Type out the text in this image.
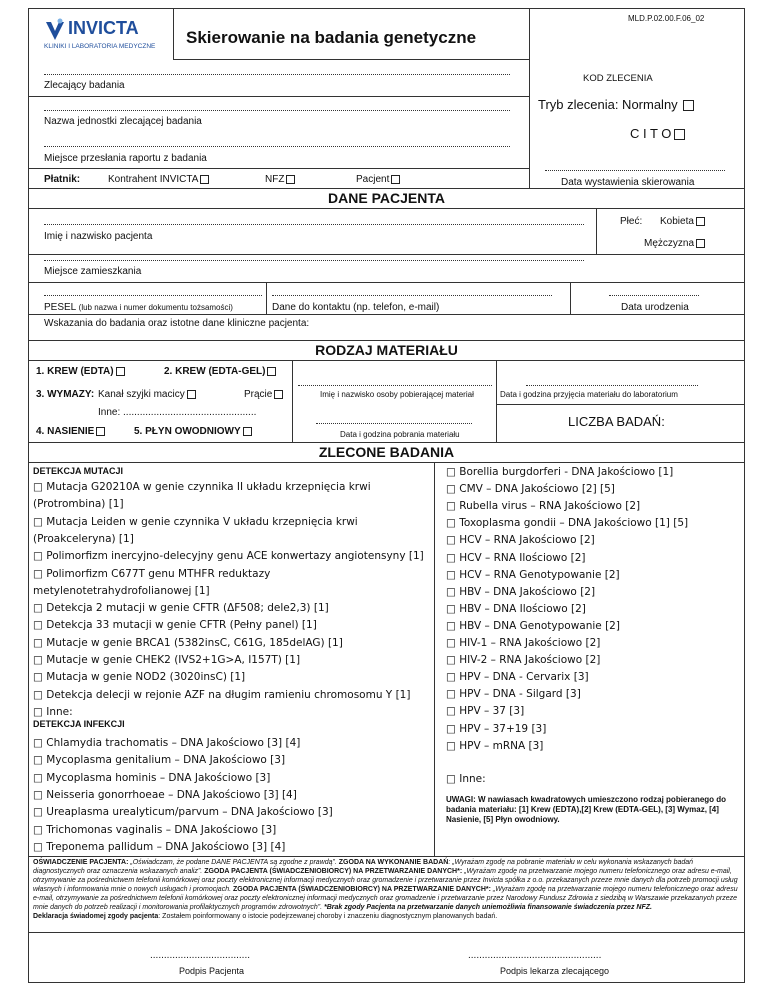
INVICTA
KLINIKI I LABORATORIA MEDYCZNE Skierowanie na badania genetyczne
MLD.P.02.00.F.06_02
KOD ZLECENIA
Tryb zlecenia: Normalny
C I T O
Zlecający badania
Nazwa jednostki zlecającej badania
Miejsce przesłania raportu z badania
Płatnik:	Kontrahent INVICTA	NFZ	Pacjent	Data wystawienia skierowania
DANE PACJENTA
Imię i nazwisko pacjenta
Płeć: Kobieta
Mężczyzna
Miejsce zamieszkania
PESEL (lub nazwa i numer dokumentu tożsamości)	Dane do kontaktu (np. telefon, e-mail)	Data urodzenia
Wskazania do badania oraz istotne dane kliniczne pacjenta:
RODZAJ MATERIAŁU
1. KREW (EDTA)	2. KREW (EDTA-GEL)
3. WYMAZY: Kanał szyjki macicy	Prącie
Inne: ................................................
4. NASIENIE	5. PŁYN OWODNIOWY
Imię i nazwisko osoby pobierającej materiał
Data i godzina pobrania materiału
Data i godzina przyjęcia materiału do laboratorium
LICZBA BADAŃ:
ZLECONE BADANIA
DETEKCJA MUTACJI
□ Mutacja G20210A w genie czynnika II układu krzepnięcia krwi
(Protrombina) [1]
□ Mutacja Leiden w genie czynnika V układu krzepnięcia krwi
(Proakceleryna) [1]
□ Polimorfizm inercyjno-delecyjny genu ACE konwertazy angiotensyny [1]
□ Polimorfizm C677T genu MTHFR reduktazy
metylenotetrahydrofolianowej [1]
□ Detekcja 2 mutacji w genie CFTR (ΔF508; dele2,3) [1]
□ Detekcja 33 mutacji w genie CFTR (Pełny panel) [1]
□ Mutacje w genie BRCA1 (5382insC, C61G, 185delAG) [1]
□ Mutacje w genie CHEK2 (IVS2+1G>A, I157T) [1]
□ Mutacja w genie NOD2 (3020insC) [1]
□ Detekcja delecji w rejonie AZF na długim ramieniu chromosomu Y [1]
□ Inne:
DETEKCJA INFEKCJI
□ Chlamydia trachomatis – DNA Jakościowo [3] [4]
□ Mycoplasma genitalium – DNA Jakościowo [3]
□ Mycoplasma hominis – DNA Jakościowo [3]
□ Neisseria gonorrhoeae – DNA Jakościowo [3] [4]
□ Ureaplasma urealyticum/parvum – DNA Jakościowo [3]
□ Trichomonas vaginalis – DNA Jakościowo [3]
□ Treponema pallidum – DNA Jakościowo [3] [4]
□ Borellia burgdorferi - DNA Jakościowo [1]
□ CMV – DNA Jakościowo [2] [5]
□ Rubella virus – RNA Jakościowo [2]
□ Toxoplasma gondii – DNA Jakościowo [1] [5]
□ HCV – RNA Jakościowo [2]
□ HCV – RNA Ilościowo [2]
□ HCV – RNA Genotypowanie [2]
□ HBV – DNA Jakościowo [2]
□ HBV – DNA Ilościowo [2]
□ HBV – DNA Genotypowanie [2]
□ HIV-1 – RNA Jakościowo [2]
□ HIV-2 – RNA Jakościowo [2]
□ HPV – DNA - Cervarix [3]
□ HPV – DNA - Silgard [3]
□ HPV – 37 [3]
□ HPV – 37+19 [3]
□ HPV – mRNA [3]
□ Inne:
UWAGI: W nawiasach kwadratowych umieszczono rodzaj pobieranego do badania materiału: [1] Krew (EDTA),[2] Krew (EDTA-GEL), [3] Wymaz, [4] Nasienie, [5] Płyn owodniowy.
OŚWIADCZENIE PACJENTA: „Oświadczam, że podane DANE PACJENTA są zgodne z prawdą”. ZGODA NA WYKONANIE BADAŃ: „Wyrażam zgodę na pobranie materiału w celu wykonania wskazanych badań diagnostycznych oraz oznaczenia wskazanych analiz”. ZGODA PACJENTA (ŚWIADCZENIOBIORCY) NA PRZETWARZANIE DANYCH*: „Wyrażam zgodę na przetwarzanie mojego numeru telefonicznego oraz adresu e-mail, otrzymywanie za pośrednictwem telefonii komórkowej oraz poczty elektronicznej informacji medycznych oraz gromadzenie i przetwarzanie przez Invicta spółka z o.o. przekazanych przeze mnie danych dla potrzeb promocji usług własnych i informowania mnie o nowych usługach i promocjach. ZGODA PACJENTA (ŚWIADCZENIOBIORCY) NA PRZETWARZANIE DANYCH*: „Wyrażam zgodę na przetwarzanie mojego numeru telefonicznego oraz adresu e-mail, otrzymywanie za pośrednictwem telefonii komórkowej oraz poczty elektronicznej informacji medycznych oraz gromadzenie i przetwarzanie przez Narodowy Fundusz Zdrowia z siedzibą w Warszawie przekazanych przeze mnie danych do potrzeb realizacji i monitorowania profilaktycznych programów zdrowotnych”. *Brak zgody Pacjenta na przetwarzanie danych uniemożliwia finansowanie świadczenia przez NFZ.
Deklaracja świadomej zgody pacjenta: Zostałem poinformowany o istocie podejrzewanej choroby i znaczeniu diagnostycznym planowanych badań.
....................................
Podpis Pacjenta
................................................
Podpis lekarza zlecającego
